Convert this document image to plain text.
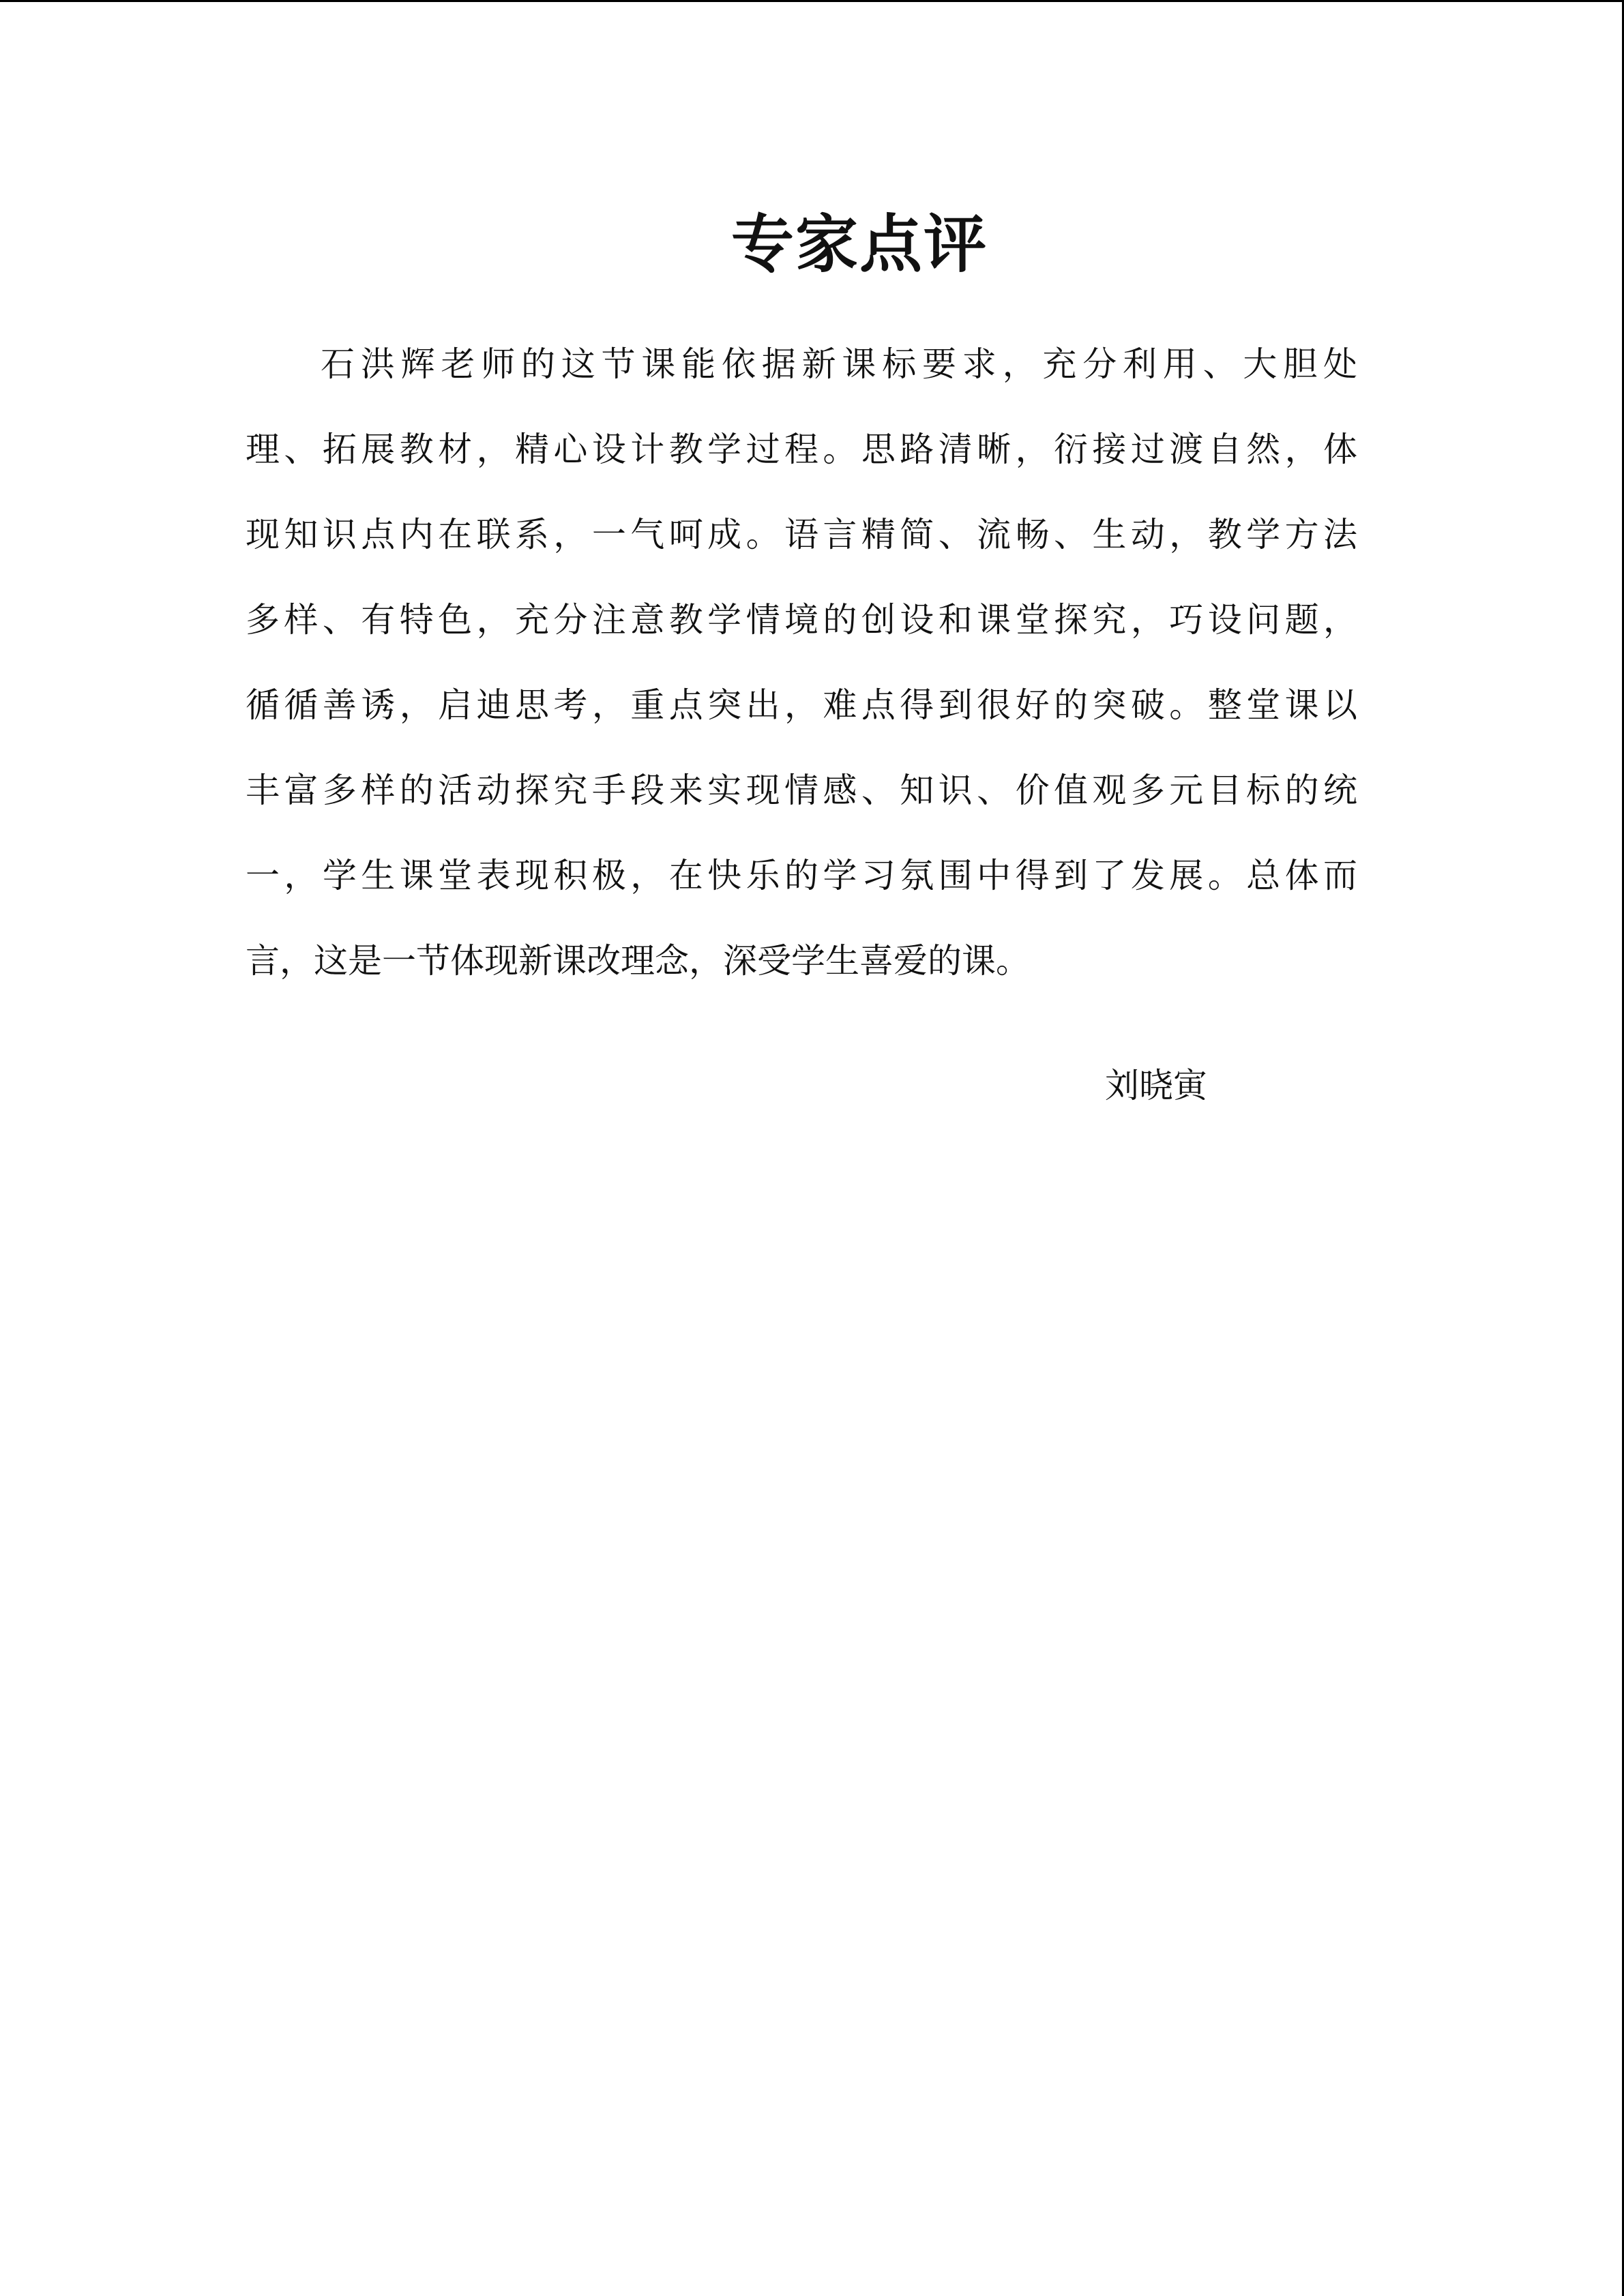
专家点评
石洪辉老师的这节课能依据新课标要求，充分利用、大胆处
理、拓展教材，精心设计教学过程。思路清晰，衍接过渡自然，体
现知识点内在联系，一气呵成。语言精简、流畅、生动，教学方法
多样、有特色，充分注意教学情境的创设和课堂探究，巧设问题，
循循善诱，启迪思考，重点突出，难点得到很好的突破。整堂课以
丰富多样的活动探究手段来实现情感、知识、价值观多元目标的统
一，学生课堂表现积极，在快乐的学习氛围中得到了发展。总体而
言，这是一节体现新课改理念，深受学生喜爱的课。

刘晓寅
